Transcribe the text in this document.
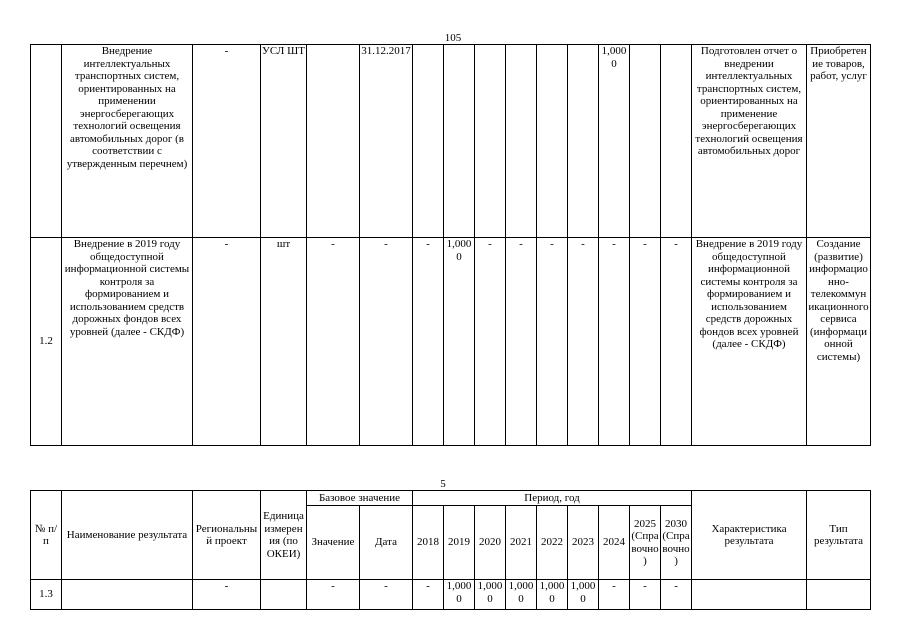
105
	Внедрение интеллектуальных транспортных систем, ориентированных на применении энергосберегающих технологий освещения автомобильных дорог (в соответствии с утвержденным перечнем)	-	УСЛ ШТ		31.12.2017							1,0000			Подготовлен отчет о внедрении интеллектуальных транспортных систем, ориентированных на применение энергосберегающих технологий освещения автомобильных дорог	Приобретение товаров, работ, услуг
1.2	Внедрение в 2019 году общедоступной информационной системы контроля за формированием и использованием средств дорожных фондов всех уровней (далее - СКДФ)	-	шт	-	-	-	1,0000	-	-	-	-	-	-	-	Внедрение в 2019 году общедоступной информационной системы контроля за формированием и использованием средств дорожных фондов всех уровней (далее - СКДФ)	Создание (развитие) информационно-телекоммуникационного сервиса (информационной системы)
5
№ п/п	Наименование результата	Региональный проект	Единица измерения (по ОКЕИ)	Базовое значение		Период, год									Характеристика результата	Тип результата
				Значение	Дата	2018	2019	2020	2021	2022	2023	2024	2025 (Справочно)	2030 (Справочно)		
1.3		-		-	-	-	1,0000	1,0000	1,0000	1,0000	1,0000	-	-	-		
